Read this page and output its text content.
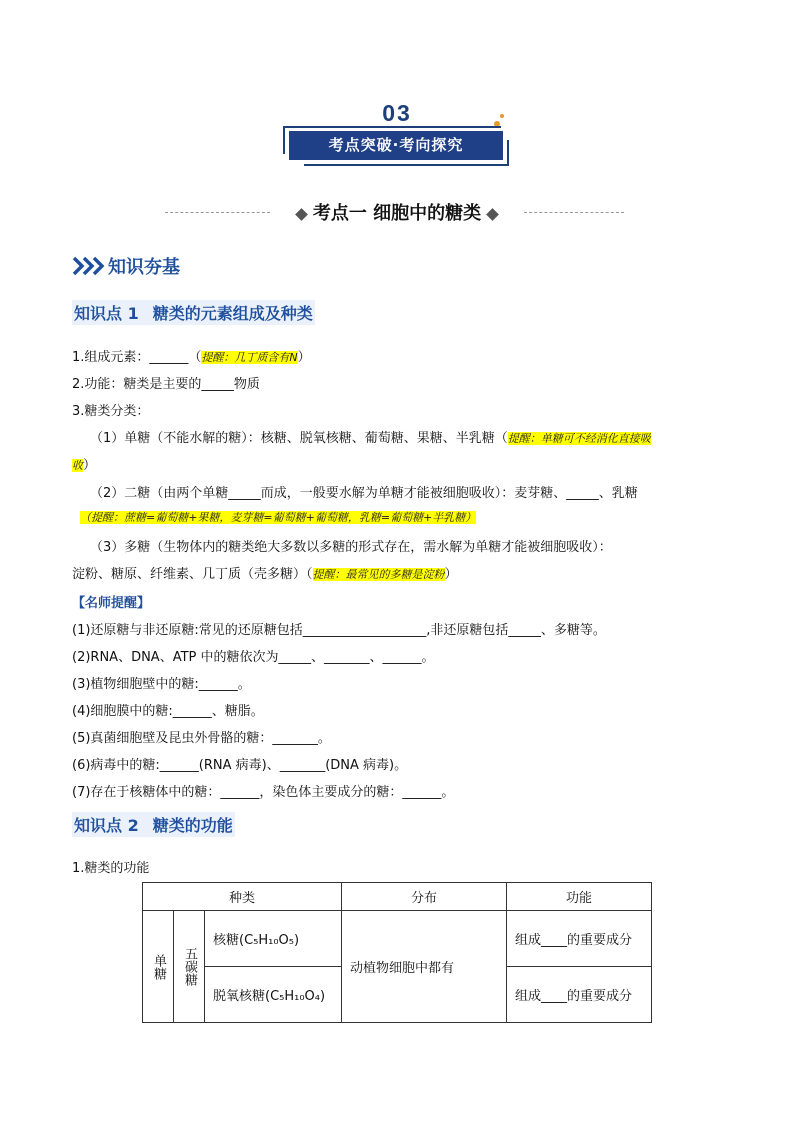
03
考点突破·考向探究
考点一 细胞中的糖类
知识夯基
知识点 1 糖类的元素组成及种类
1.组成元素：______（提醒：几丁质含有N）
2.功能：糖类是主要的_____物质
3.糖类分类：
（1）单糖（不能水解的糖）：核糖、脱氧核糖、葡萄糖、果糖、半乳糖（提醒：单糖可不经消化直接吸
收）
（2）二糖（由两个单糖_____而成，一般要水解为单糖才能被细胞吸收）：麦芽糖、_____、乳糖
（提醒：蔗糖=葡萄糖+果糖，麦芽糖=葡萄糖+葡萄糖，乳糖=葡萄糖+半乳糖）
（3）多糖（生物体内的糖类绝大多数以多糖的形式存在，需水解为单糖才能被细胞吸收）：
淀粉、糖原、纤维素、几丁质（壳多糖）（提醒：最常见的多糖是淀粉）
【名师提醒】
(1)还原糖与非还原糖:常见的还原糖包括___________________,非还原糖包括_____、多糖等。
(2)RNA、DNA、ATP 中的糖依次为_____、_______、______。
(3)植物细胞壁中的糖:______。
(4)细胞膜中的糖:______、糖脂。
(5)真菌细胞壁及昆虫外骨骼的糖：_______。
(6)病毒中的糖:______(RNA 病毒)、_______(DNA 病毒)。
(7)存在于核糖体中的糖：______，染色体主要成分的糖：______。
知识点 2 糖类的功能
1.糖类的功能
种类			分布	功能

单糖	五碳糖	核糖(C₅H₁₀O₅)	动植物细胞中都有	组成____的重要成分
		脱氧核糖(C₅H₁₀O₄)		组成____的重要成分
